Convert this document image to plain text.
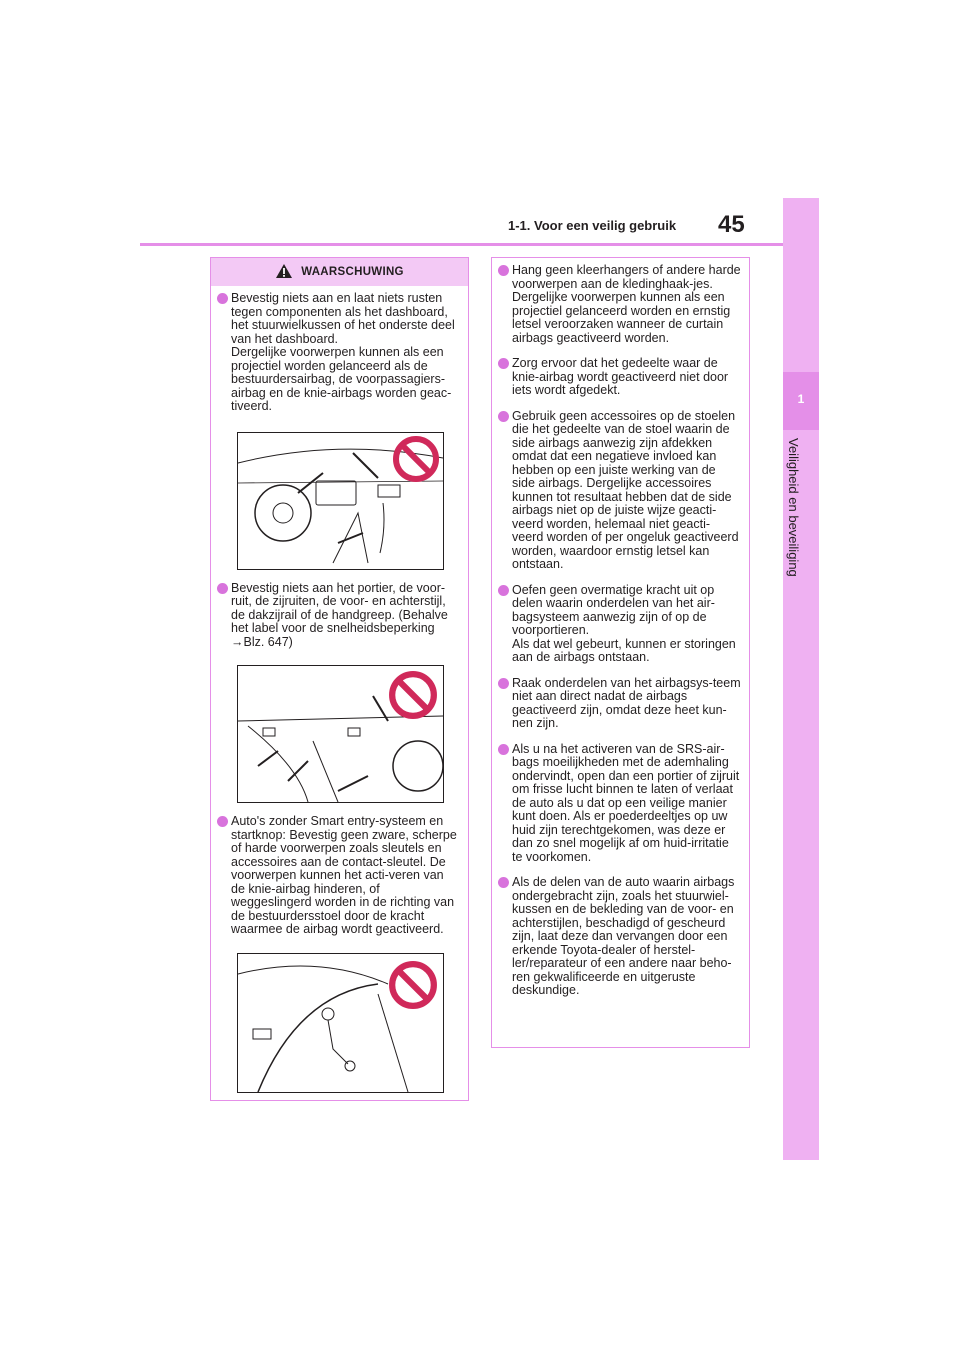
1-1. Voor een veilig gebruik 45
1
Veiligheid en beveiliging
WAARSCHUWING

Bevestig niets aan en laat niets rusten tegen componenten als het dashboard, het stuurwielkussen of het onderste deel van het dashboard.
Dergelijke voorwerpen kunnen als een projectiel worden gelanceerd als de bestuurdersairbag, de voorpassagiers-airbag en de knie-airbags worden geac-tiveerd.

Bevestig niets aan het portier, de voor-ruit, de zijruiten, de voor- en achterstijl, de dakzijrail of de handgreep. (Behalve het label voor de snelheidsbeperking
→Blz. 647)

Auto's zonder Smart entry-systeem en startknop: Bevestig geen zware, scherpe of harde voorwerpen zoals sleutels en accessoires aan de contact-sleutel. De voorwerpen kunnen het acti-veren van de knie-airbag hinderen, of weggeslingerd worden in de richting van de bestuurdersstoel door de kracht waarmee de airbag wordt geactiveerd.

Hang geen kleerhangers of andere harde voorwerpen aan de kledinghaak-jes. Dergelijke voorwerpen kunnen als een projectiel gelanceerd worden en ernstig letsel veroorzaken wanneer de curtain airbags geactiveerd worden.

Zorg ervoor dat het gedeelte waar de knie-airbag wordt geactiveerd niet door iets wordt afgedekt.

Gebruik geen accessoires op de stoelen die het gedeelte van de stoel waarin de side airbags aanwezig zijn afdekken omdat dat een negatieve invloed kan hebben op een juiste werking van de side airbags. Dergelijke accessoires kunnen tot resultaat hebben dat de side airbags niet op de juiste wijze geacti-veerd worden, helemaal niet geacti-veerd worden of per ongeluk geactiveerd worden, waardoor ernstig letsel kan ontstaan.

Oefen geen overmatige kracht uit op delen waarin onderdelen van het air-bagsysteem aanwezig zijn of op de voorportieren.
Als dat wel gebeurt, kunnen er storingen aan de airbags ontstaan.

Raak onderdelen van het airbagsys-teem niet aan direct nadat de airbags geactiveerd zijn, omdat deze heet kun-nen zijn.

Als u na het activeren van de SRS-air-bags moeilijkheden met de ademhaling ondervindt, open dan een portier of zijruit om frisse lucht binnen te laten of verlaat de auto als u dat op een veilige manier kunt doen. Als er poederdeeltjes op uw huid zijn terechtgekomen, was deze er dan zo snel mogelijk af om huid-irritatie te voorkomen.

Als de delen van de auto waarin airbags ondergebracht zijn, zoals het stuurwiel-kussen en de bekleding van de voor- en achterstijlen, beschadigd of gescheurd zijn, laat deze dan vervangen door een erkende Toyota-dealer of herstel-ler/reparateur of een andere naar beho-ren gekwalificeerde en uitgeruste deskundige.
